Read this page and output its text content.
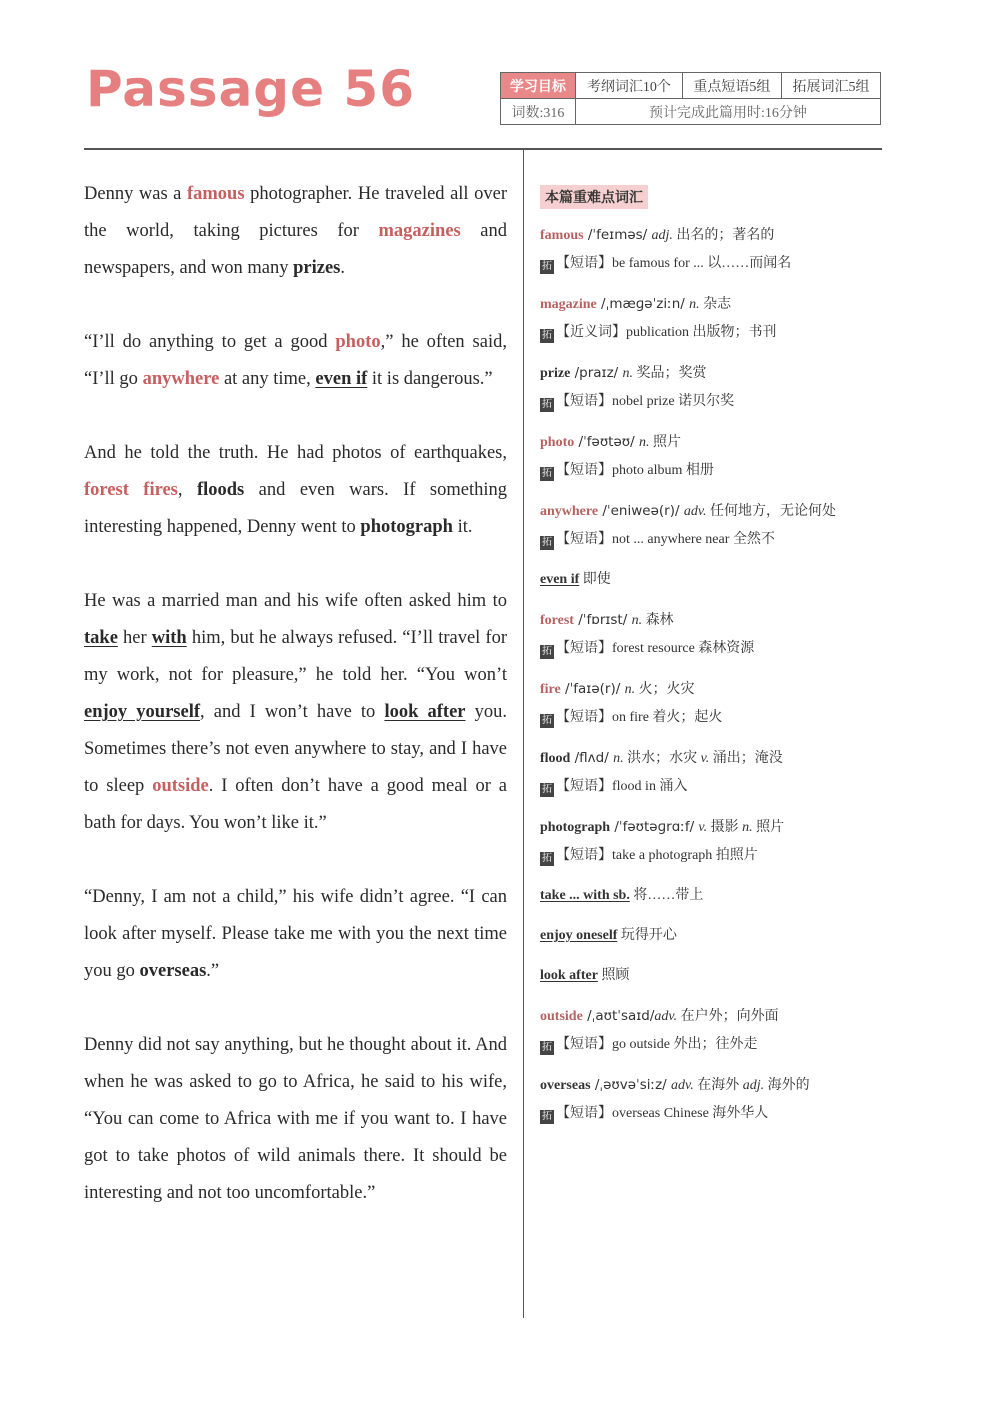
Passage 56	学习目标	考纲词汇10个	重点短语5组	拓展词汇5组
词数:316	预计完成此篇用时:16分钟		

Denny was a famous photographer. He traveled all over the world, taking pictures for magazines and newspapers, and won many prizes.

“I’ll do anything to get a good photo,” he often said, “I’ll go anywhere at any time, even if it is dangerous.”

And he told the truth. He had photos of earthquakes, forest fires, floods and even wars. If something interesting happened, Denny went to photograph it.

He was a married man and his wife often asked him to take her with him, but he always refused. “I’ll travel for my work, not for pleasure,” he told her. “You won’t enjoy yourself, and I won’t have to look after you. Sometimes there’s not even anywhere to stay, and I have to sleep outside. I often don’t have a good meal or a bath for days. You won’t like it.”

“Denny, I am not a child,” his wife didn’t agree. “I can look after myself. Please take me with you the next time you go overseas.”

Denny did not say anything, but he thought about it. And when he was asked to go to Africa, he said to his wife, “You can come to Africa with me if you want to. I have got to take photos of wild animals there. It should be interesting and not too uncomfortable.”

本篇重难点词汇
famous /ˈfeɪməs/ adj. 出名的；著名的
拓 【短语】be famous for ... 以……而闻名
magazine /ˌmæɡəˈziːn/ n. 杂志
拓 【近义词】publication 出版物；书刊
prize /praɪz/ n. 奖品；奖赏
拓 【短语】nobel prize 诺贝尔奖
photo /ˈfəʊtəʊ/ n. 照片
拓 【短语】photo album 相册
anywhere /ˈeniweə(r)/ adv. 任何地方，无论何处
拓 【短语】not ... anywhere near 全然不
even if 即使
forest /ˈfɒrɪst/ n. 森林
拓 【短语】forest resource 森林资源
fire /ˈfaɪə(r)/ n. 火；火灾
拓 【短语】on fire 着火；起火
flood /flʌd/ n. 洪水；水灾 v. 涌出；淹没
拓 【短语】flood in 涌入
photograph /ˈfəʊtəɡrɑːf/ v. 摄影 n. 照片
拓 【短语】take a photograph 拍照片
take ... with sb. 将……带上
enjoy oneself 玩得开心
look after 照顾
outside /ˌaʊtˈsaɪd/adv. 在户外；向外面
拓 【短语】go outside 外出；往外走
overseas /ˌəʊvəˈsiːz/ adv. 在海外 adj. 海外的
拓 【短语】overseas Chinese 海外华人
